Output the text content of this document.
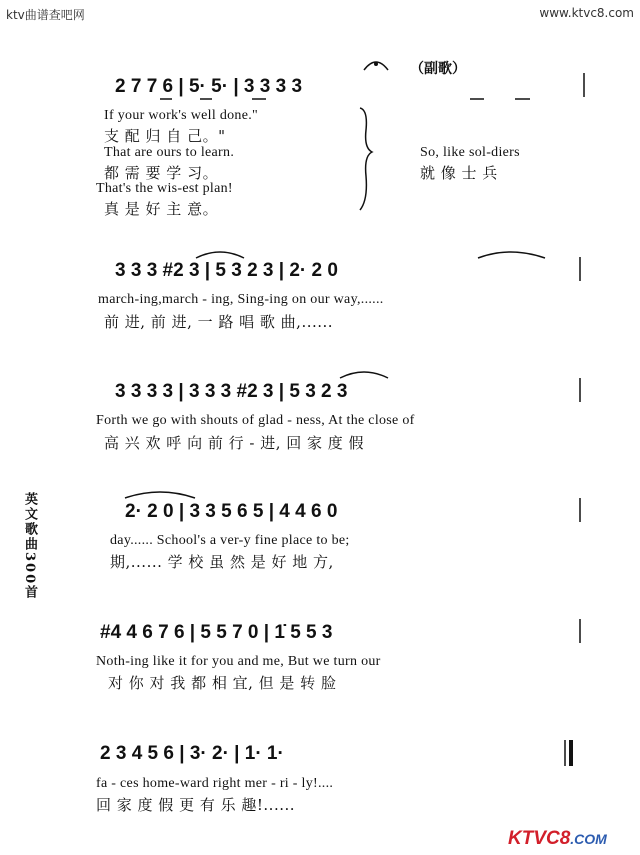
ktv曲谱查吧网	www.ktvc8.com
（副歌）
英文歌曲300首
2 7 7 6 | 5· 5· | 3 3 3 3
If your work's well done."
支 配 归 自 己。"
That are ours to learn.
都 需 要 学 习。
That's the wis-est plan!
真 是 好 主 意。
So, like sol-diers
就 像 士 兵
3 3 3 #2 3 | 5 3 2 3 | 2· 2 0
march-ing,march - ing, Sing-ing on our way,......
前 进, 前 进, 一 路 唱 歌 曲,......
3 3 3 3 | 3 3 3 #2 3 | 5 3 2 3
Forth we go with shouts of glad - ness, At the close of
高 兴 欢 呼 向 前 行 - 进, 回 家 度 假
2· 2 0 | 3 3 5 6 5 | 4 4 6 0
day...... School's a ver-y fine place to be;
期,...... 学 校 虽 然 是 好 地 方,
#4 4 6 7 6 | 5 5 7 0 | 1̇ 5 5 3
Noth-ing like it for you and me, But we turn our
对 你 对 我 都 相 宜, 但 是 转 脸
2 3 4 5 6 | 3· 2· | 1· 1·
fa - ces home-ward right mer - ri - ly!....
回 家 度 假 更 有 乐 趣!......
KTVC8.COM
